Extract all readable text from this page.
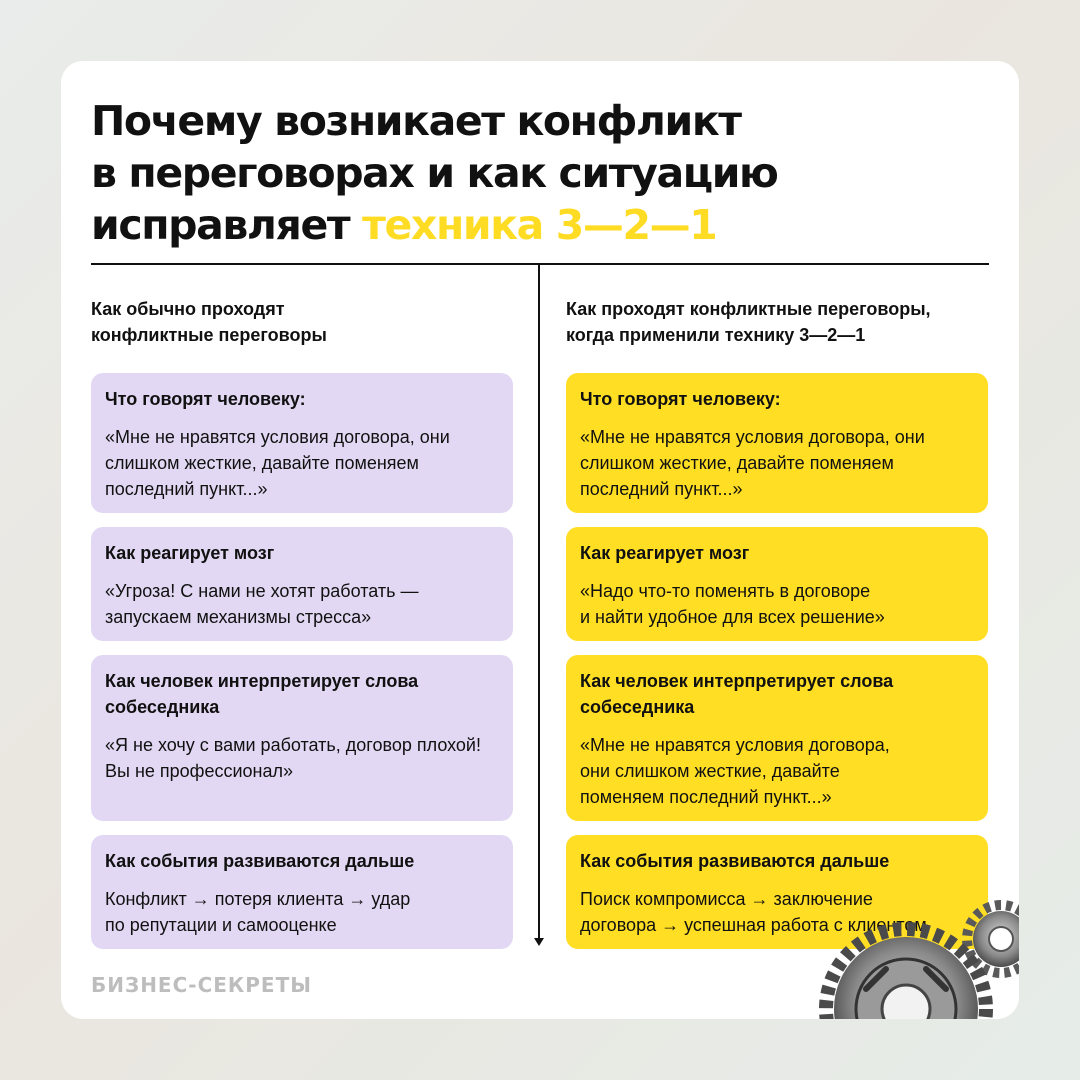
Почему возникает конфликт
в переговорах и как ситуацию
исправляет техника 3—2—1
Как обычно проходят
конфликтные переговоры
Что говорят человеку:
«Мне не нравятся условия договора, они
слишком жесткие, давайте поменяем
последний пункт...»
Как реагирует мозг
«Угроза! С нами не хотят работать —
запускаем механизмы стресса»
Как человек интерпретирует слова
собеседника
«Я не хочу с вами работать, договор плохой!
Вы не профессионал»
Как события развиваются дальше
Конфликт → потеря клиента → удар
по репутации и самооценке
Как проходят конфликтные переговоры,
когда применили технику 3—2—1
Что говорят человеку:
«Мне не нравятся условия договора, они
слишком жесткие, давайте поменяем
последний пункт...»
Как реагирует мозг
«Надо что-то поменять в договоре
и найти удобное для всех решение»
Как человек интерпретирует слова
собеседника
«Мне не нравятся условия договора,
они слишком жесткие, давайте
поменяем последний пункт...»
Как события развиваются дальше
Поиск компромисса → заключение
договора → успешная работа с клиентом
БИЗНЕС-СЕКРЕТЫ
